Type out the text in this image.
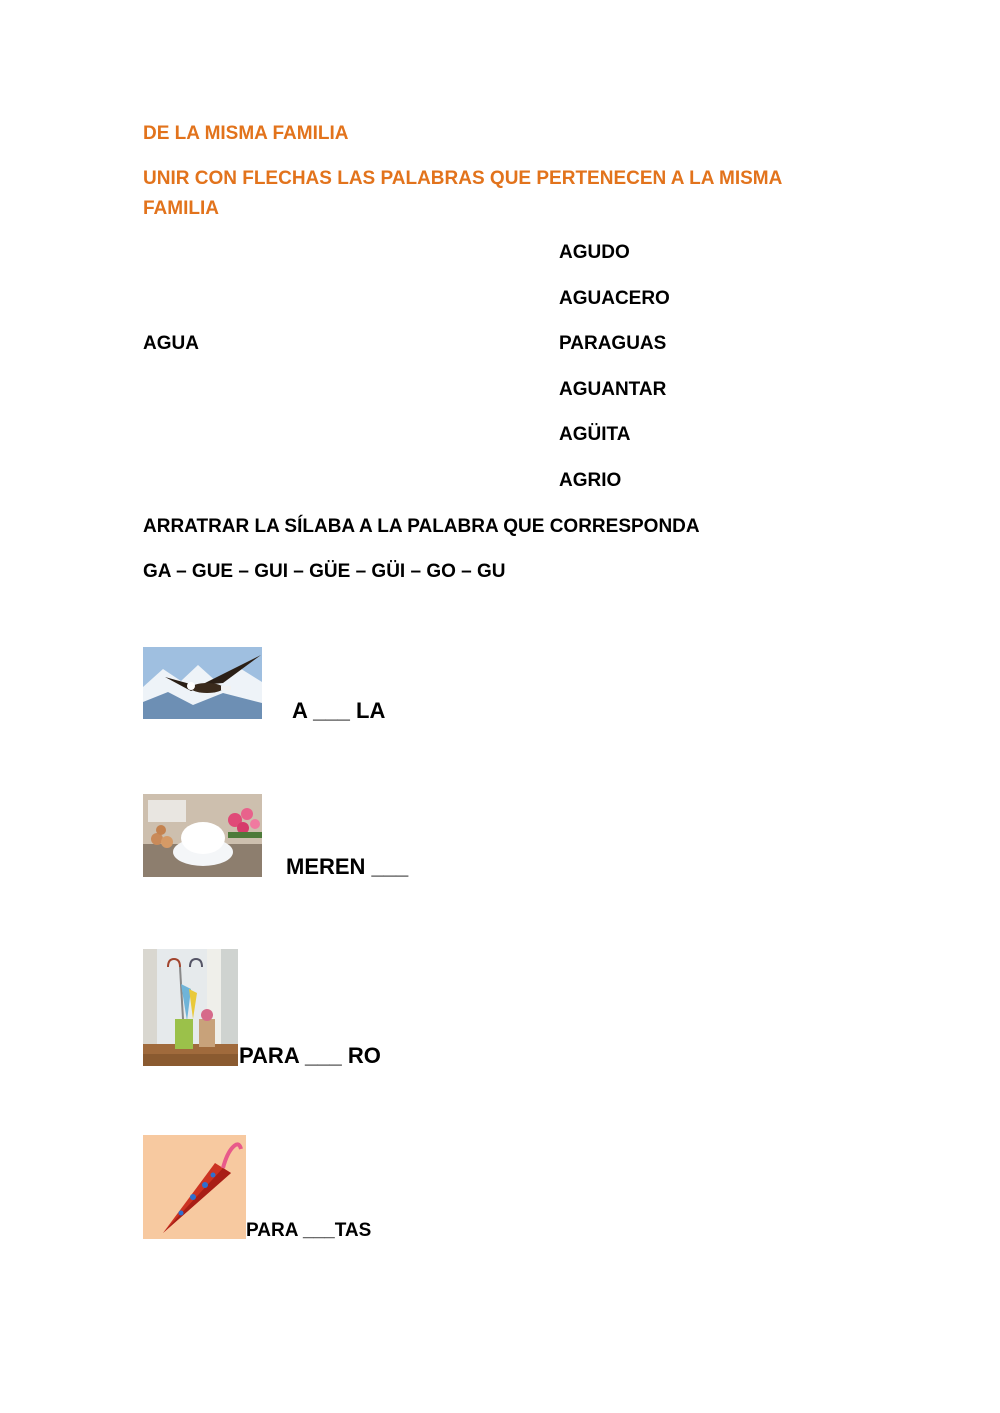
DE LA MISMA FAMILIA
UNIR CON FLECHAS LAS PALABRAS QUE PERTENECEN A LA MISMA
FAMILIA
AGUA
AGUDO
AGUACERO
PARAGUAS
AGUANTAR
AGÜITA
AGRIO
ARRATRAR LA SÍLABA A LA PALABRA QUE CORRESPONDA
GA – GUE – GUI – GÜE – GÜI – GO – GU
A ___ LA
MEREN ___
PARA ___ RO
PARA ___TAS
